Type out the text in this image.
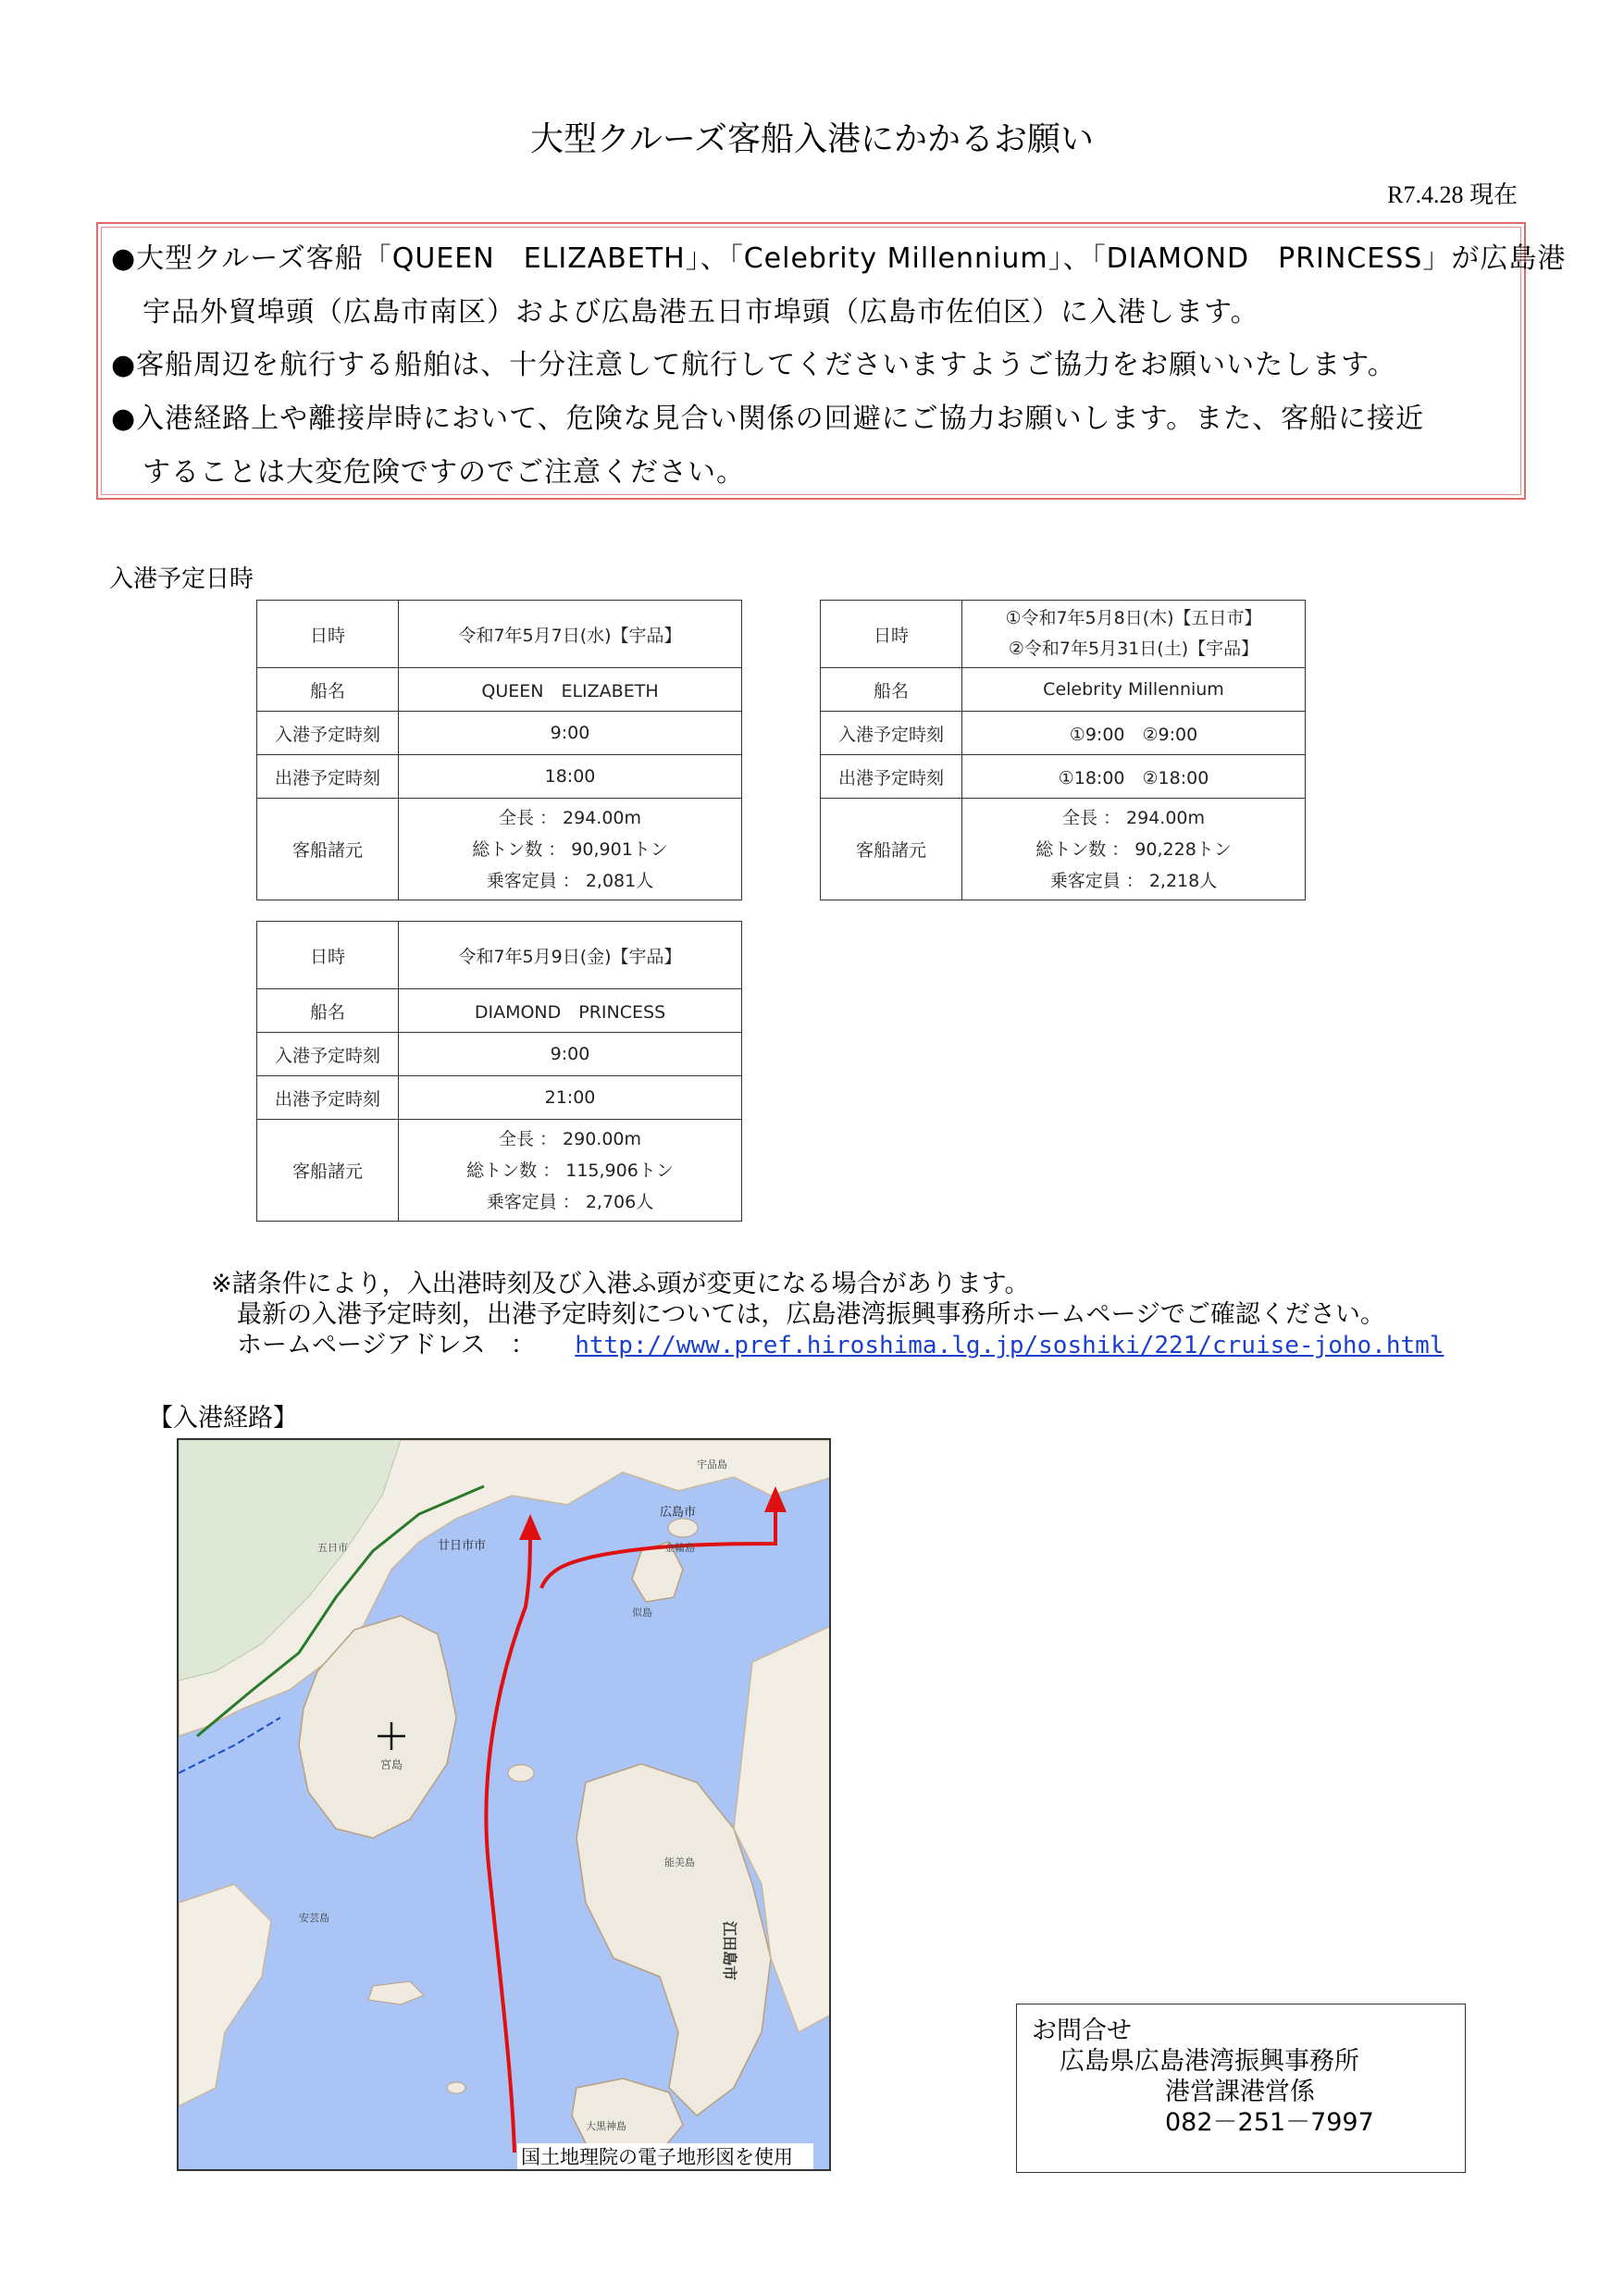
大型クルーズ客船入港にかかるお願い
R7.4.28 現在
●大型クルーズ客船「QUEEN　ELIZABETH」、「Celebrity Millennium」、「DIAMOND　PRINCESS」が広島港
宇品外貿埠頭（広島市南区）および広島港五日市埠頭（広島市佐伯区）に入港します。
●客船周辺を航行する船舶は、十分注意して航行してくださいますようご協力をお願いいたします。
●入港経路上や離接岸時において、危険な見合い関係の回避にご協力お願いします。また、客船に接近
することは大変危険ですのでご注意ください。
入港予定日時
日時	令和7年5月7日(水)【宇品】
船名	QUEEN　ELIZABETH
入港予定時刻	9:00
出港予定時刻	18:00
客船諸元	全長 ： 294.00m
総トン数 ： 90,901トン
乗客定員 ： 2,081人
日時	①令和7年5月8日(木)【五日市】
②令和7年5月31日(土)【宇品】

船名	Celebrity Millennium
入港予定時刻	①9:00　②9:00
出港予定時刻	①18:00　②18:00
客船諸元	全長 ： 294.00m
総トン数 ： 90,228トン
乗客定員 ： 2,218人
日時	令和7年5月9日(金)【宇品】
船名	DIAMOND　PRINCESS
入港予定時刻	9:00
出港予定時刻	21:00
客船諸元	全長 ： 290.00m
総トン数 ： 115,906トン
乗客定員 ： 2,706人
※諸条件により，入出港時刻及び入港ふ頭が変更になる場合があります。
最新の入港予定時刻，出港予定時刻については，広島港湾振興事務所ホームページでご確認ください。
ホームページアドレス　： http://www.pref.hiroshima.lg.jp/soshiki/221/cruise-joho.html
【入港経路】
広島市
廿日市市
宇品島
五日市
宮島
金輪島
似島
能美島
大黒神島
安芸島
江田島市
国土地理院の電子地形図を使用
お問合せ
広島県広島港湾振興事務所
港営課港営係
082－251－7997
